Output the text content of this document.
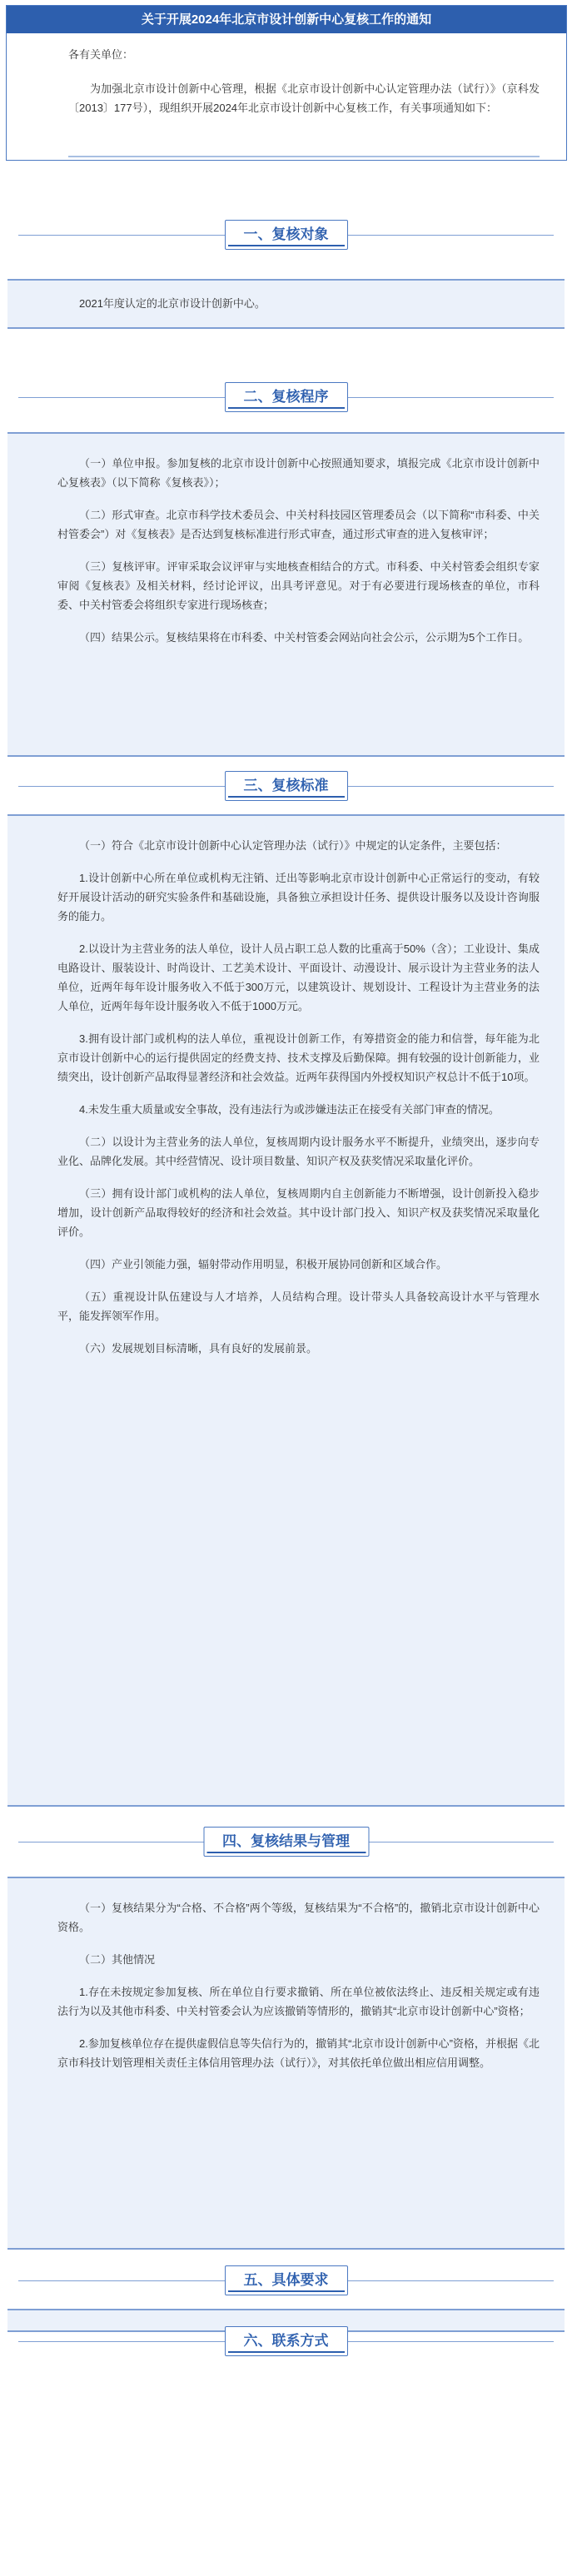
关于开展2024年北京市设计创新中心复核工作的通知
各有关单位：
为加强北京市设计创新中心管理，根据《北京市设计创新中心认定管理办法（试行）》（京科发〔2013〕177号），现组织开展2024年北京市设计创新中心复核工作，有关事项通知如下：
一、复核对象
2021年度认定的北京市设计创新中心。
二、复核程序
（一）单位申报。参加复核的北京市设计创新中心按照通知要求，填报完成《北京市设计创新中心复核表》（以下简称《复核表》）；
（二）形式审查。北京市科学技术委员会、中关村科技园区管理委员会（以下简称“市科委、中关村管委会”）对《复核表》是否达到复核标准进行形式审查，通过形式审查的进入复核审评；
（三）复核评审。评审采取会议评审与实地核查相结合的方式。市科委、中关村管委会组织专家审阅《复核表》及相关材料，经讨论评议，出具考评意见。对于有必要进行现场核查的单位，市科委、中关村管委会将组织专家进行现场核查；
（四）结果公示。复核结果将在市科委、中关村管委会网站向社会公示，公示期为5个工作日。
三、复核标准
（一）符合《北京市设计创新中心认定管理办法（试行）》中规定的认定条件，主要包括：
1.设计创新中心所在单位或机构无注销、迁出等影响北京市设计创新中心正常运行的变动，有较好开展设计活动的研究实验条件和基础设施，具备独立承担设计任务、提供设计服务以及设计咨询服务的能力。
2.以设计为主营业务的法人单位，设计人员占职工总人数的比重高于50%（含）；工业设计、集成电路设计、服装设计、时尚设计、工艺美术设计、平面设计、动漫设计、展示设计为主营业务的法人单位，近两年每年设计服务收入不低于300万元，以建筑设计、规划设计、工程设计为主营业务的法人单位，近两年每年设计服务收入不低于1000万元。
3.拥有设计部门或机构的法人单位，重视设计创新工作，有筹措资金的能力和信誉，每年能为北京市设计创新中心的运行提供固定的经费支持、技术支撑及后勤保障。拥有较强的设计创新能力，业绩突出，设计创新产品取得显著经济和社会效益。近两年获得国内外授权知识产权总计不低于10项。
4.未发生重大质量或安全事故，没有违法行为或涉嫌违法正在接受有关部门审查的情况。
（二）以设计为主营业务的法人单位，复核周期内设计服务水平不断提升，业绩突出，逐步向专业化、品牌化发展。其中经营情况、设计项目数量、知识产权及获奖情况采取量化评价。
（三）拥有设计部门或机构的法人单位，复核周期内自主创新能力不断增强，设计创新投入稳步增加，设计创新产品取得较好的经济和社会效益。其中设计部门投入、知识产权及获奖情况采取量化评价。
（四）产业引领能力强，辐射带动作用明显，积极开展协同创新和区域合作。
（五）重视设计队伍建设与人才培养，人员结构合理。设计带头人具备较高设计水平与管理水平，能发挥领军作用。
（六）发展规划目标清晰，具有良好的发展前景。
四、复核结果与管理
（一）复核结果分为“合格、不合格”两个等级，复核结果为“不合格”的，撤销北京市设计创新中心资格。
（二）其他情况
1.存在未按规定参加复核、所在单位自行要求撤销、所在单位被依法终止、违反相关规定或有违法行为以及其他市科委、中关村管委会认为应该撤销等情形的，撤销其“北京市设计创新中心”资格；
2.参加复核单位存在提供虚假信息等失信行为的，撤销其“北京市设计创新中心”资格，并根据《北京市科技计划管理相关责任主体信用管理办法（试行）》，对其依托单位做出相应信用调整。
五、具体要求
六、联系方式
